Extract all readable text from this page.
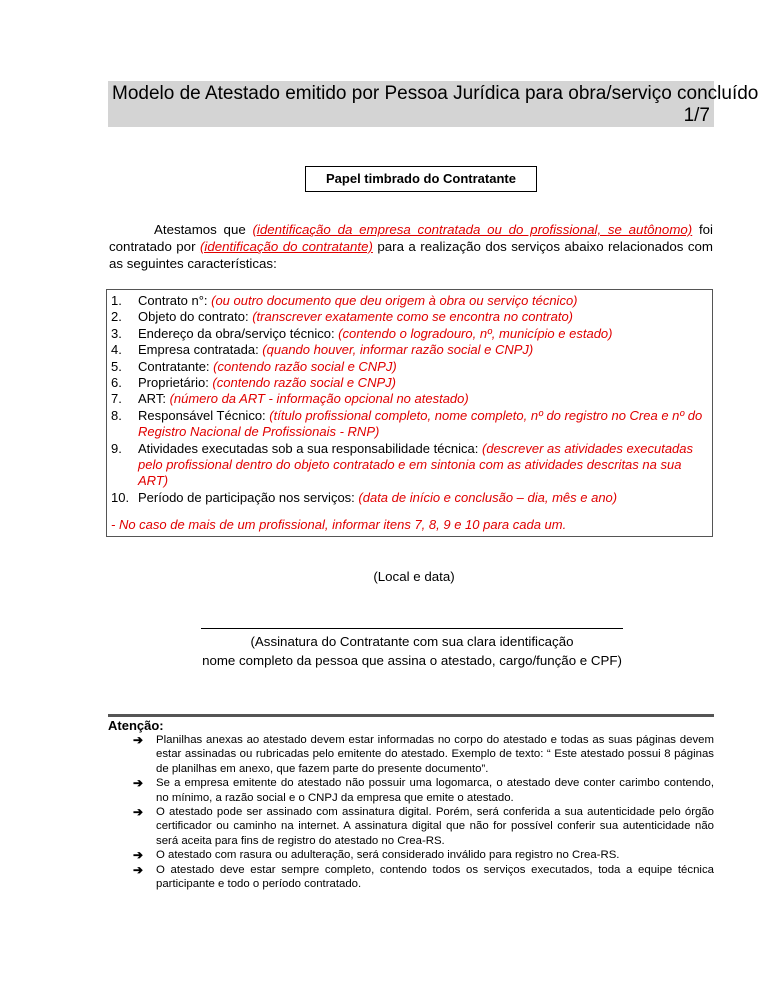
Modelo de Atestado emitido por Pessoa Jurídica para obra/serviço concluído
1/7
Papel timbrado do Contratante
Atestamos que (identificação da empresa contratada ou do profissional, se autônomo) foi contratado por (identificação do contratante) para a realização dos serviços abaixo relacionados com as seguintes características:
1.	Contrato n°: (ou outro documento que deu origem à obra ou serviço técnico)
2.	Objeto do contrato: (transcrever exatamente como se encontra no contrato)
3.	Endereço da obra/serviço técnico: (contendo o logradouro, nº, município e estado)
4.	Empresa contratada: (quando houver, informar razão social e CNPJ)
5.	Contratante: (contendo razão social e CNPJ)
6.	Proprietário: (contendo razão social e CNPJ)
7.	ART: (número da ART - informação opcional no atestado)
8.	Responsável Técnico: (título profissional completo, nome completo, nº do registro no Crea e nº do Registro Nacional de Profissionais - RNP)
9.	Atividades executadas sob a sua responsabilidade técnica: (descrever as atividades executadas pelo profissional dentro do objeto contratado e em sintonia com as atividades descritas na sua ART)
10. Período de participação nos serviços: (data de início e conclusão – dia, mês e ano)
- No caso de mais de um profissional, informar itens 7, 8, 9 e 10 para cada um.
(Local e data)
(Assinatura do Contratante com sua clara identificação
nome completo da pessoa que assina o atestado, cargo/função e CPF)
Atenção:
➔	Planilhas anexas ao atestado devem estar informadas no corpo do atestado e todas as suas páginas devem estar assinadas ou rubricadas pelo emitente do atestado. Exemplo de texto: “ Este atestado possui 8 páginas de planilhas em anexo, que fazem parte do presente documento”.
➔	Se a empresa emitente do atestado não possuir uma logomarca, o atestado deve conter carimbo contendo, no mínimo, a razão social e o CNPJ da empresa que emite o atestado.
➔	O atestado pode ser assinado com assinatura digital. Porém, será conferida a sua autenticidade pelo órgão certificador ou caminho na internet. A assinatura digital que não for possível conferir sua autenticidade não será aceita para fins de registro do atestado no Crea-RS.
➔	O atestado com rasura ou adulteração, será considerado inválido para registro no Crea-RS.
➔	O atestado deve estar sempre completo, contendo todos os serviços executados, toda a equipe técnica participante e todo o período contratado.
